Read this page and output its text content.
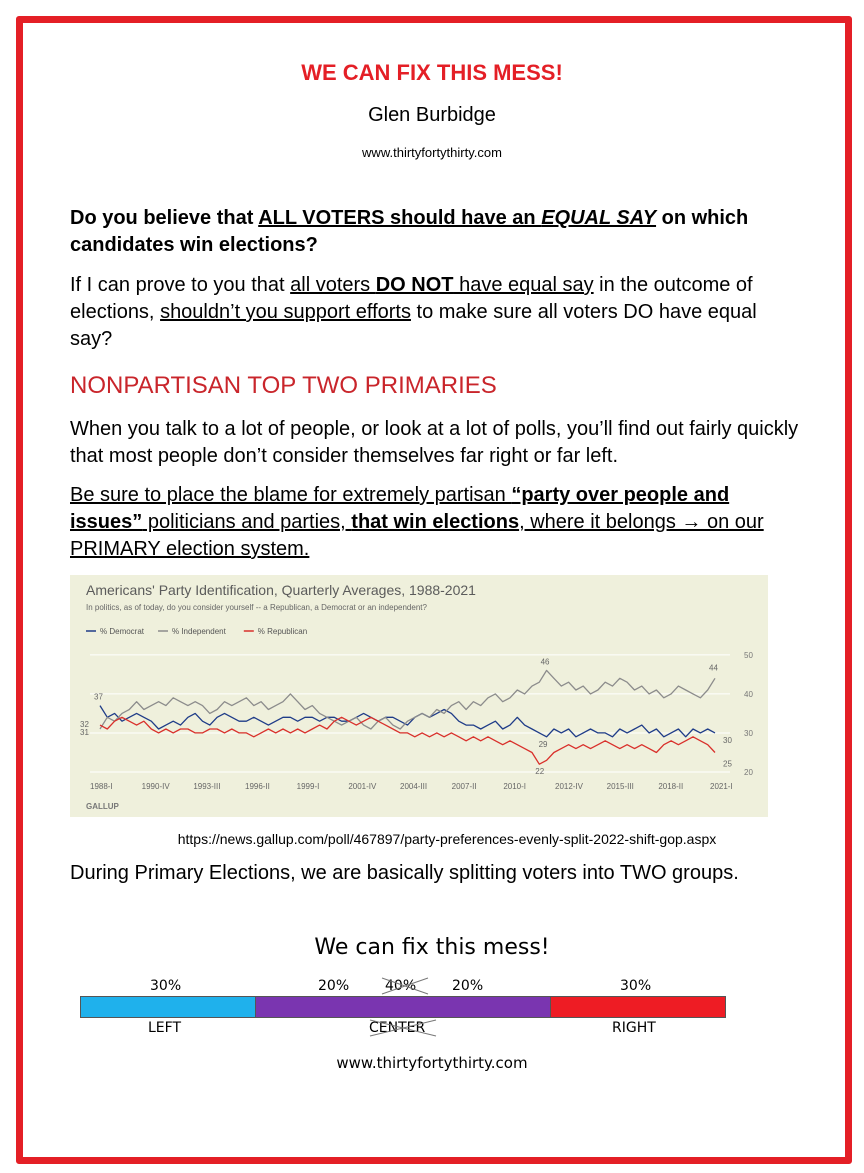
WE CAN FIX THIS MESS!
Glen Burbidge
www.thirtyfortythirty.com
Do you believe that ALL VOTERS should have an EQUAL SAY on which candidates win elections?
If I can prove to you that all voters DO NOT have equal say in the outcome of elections, shouldn’t you support efforts to make sure all voters DO have equal say?
NONPARTISAN TOP TWO PRIMARIES
When you talk to a lot of people, or look at a lot of polls, you’ll find out fairly quickly that most people don’t consider themselves far right or far left.
Be sure to place the blame for extremely partisan “party over people and issues” politicians and parties, that win elections, where it belongs → on our PRIMARY election system.
Americans' Party Identification, Quarterly Averages, 1988-2021
In politics, as of today, do you consider yourself -- a Republican, a Democrat or an independent?
% Democrat	% Independent	% Republican
20
30
40
50
37
32
31
46
29
22
44
30
25
1988-I	1990-IV	1993-III	1996-II	1999-I	2001-IV	2004-III	2007-II	2010-I	2012-IV	2015-III	2018-II	2021-I
GALLUP
https://news.gallup.com/poll/467897/party-preferences-evenly-split-2022-shift-gop.aspx
During Primary Elections, we are basically splitting voters into TWO groups.
We can fix this mess!
30%	20%	40%	20%	30%
LEFT	CENTER	RIGHT
www.thirtyfortythirty.com
